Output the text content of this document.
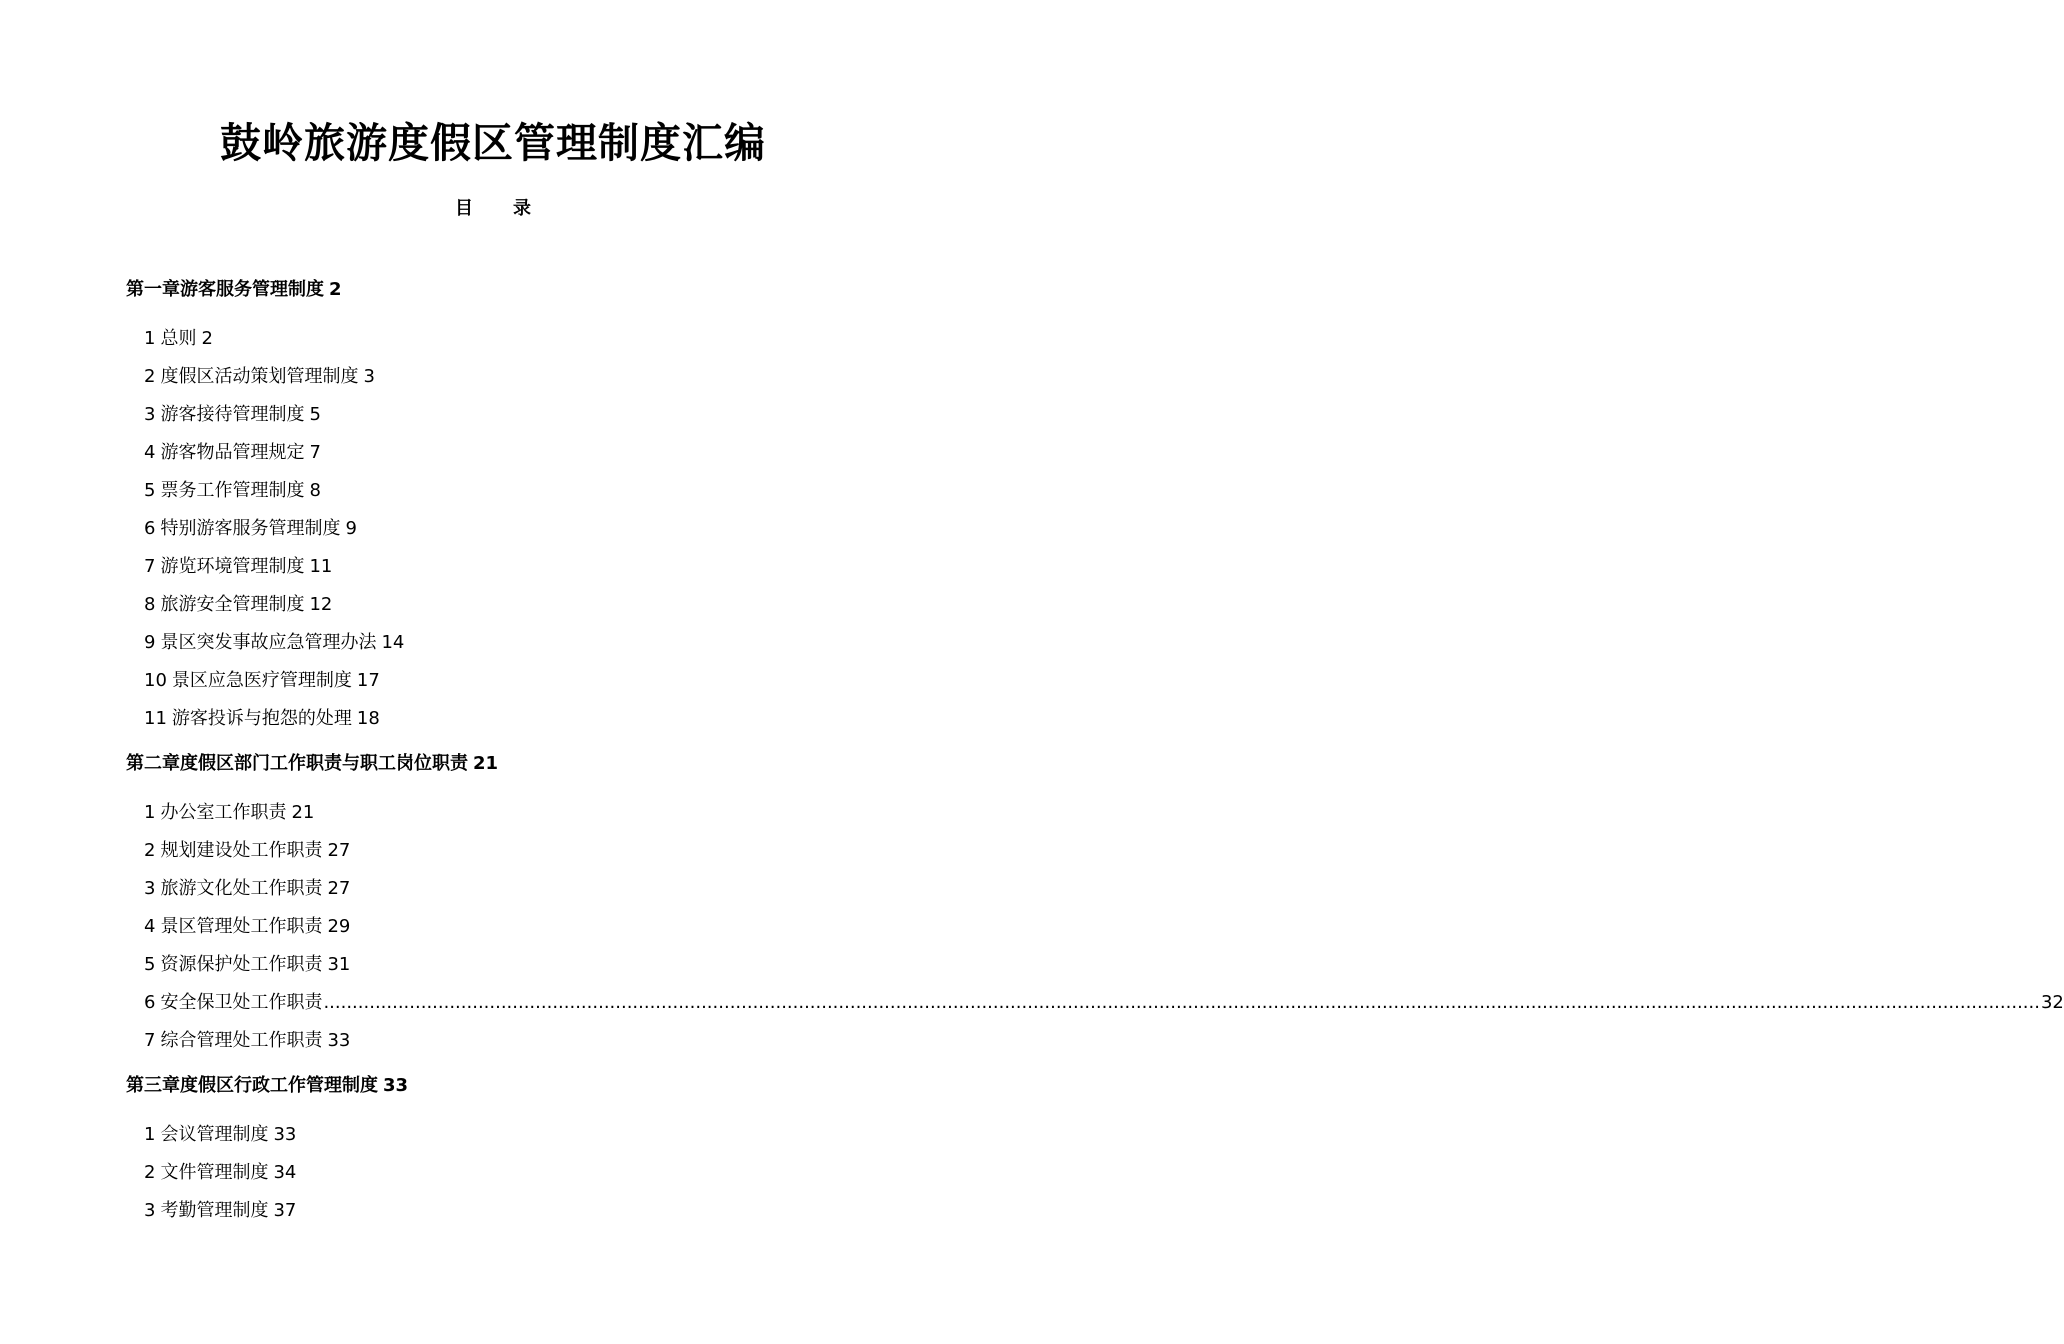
鼓岭旅游度假区管理制度汇编
目 录
第一章游客服务管理制度 2
1 总则 2
2 度假区活动策划管理制度 3
3 游客接待管理制度 5
4 游客物品管理规定 7
5 票务工作管理制度 8
6 特别游客服务管理制度 9
7 游览环境管理制度 11
8 旅游安全管理制度 12
9 景区突发事故应急管理办法 14
10 景区应急医疗管理制度 17
11 游客投诉与抱怨的处理 18
第二章度假区部门工作职责与职工岗位职责 21
1 办公室工作职责 21
2 规划建设处工作职责 27
3 旅游文化处工作职责 27
4 景区管理处工作职责 29
5 资源保护处工作职责 31
6 安全保卫处工作职责 ............................................................................................................................................................................................................................................................................................................ 32
7 综合管理处工作职责 33
第三章度假区行政工作管理制度 33
1 会议管理制度 33
2 文件管理制度 34
3 考勤管理制度 37
